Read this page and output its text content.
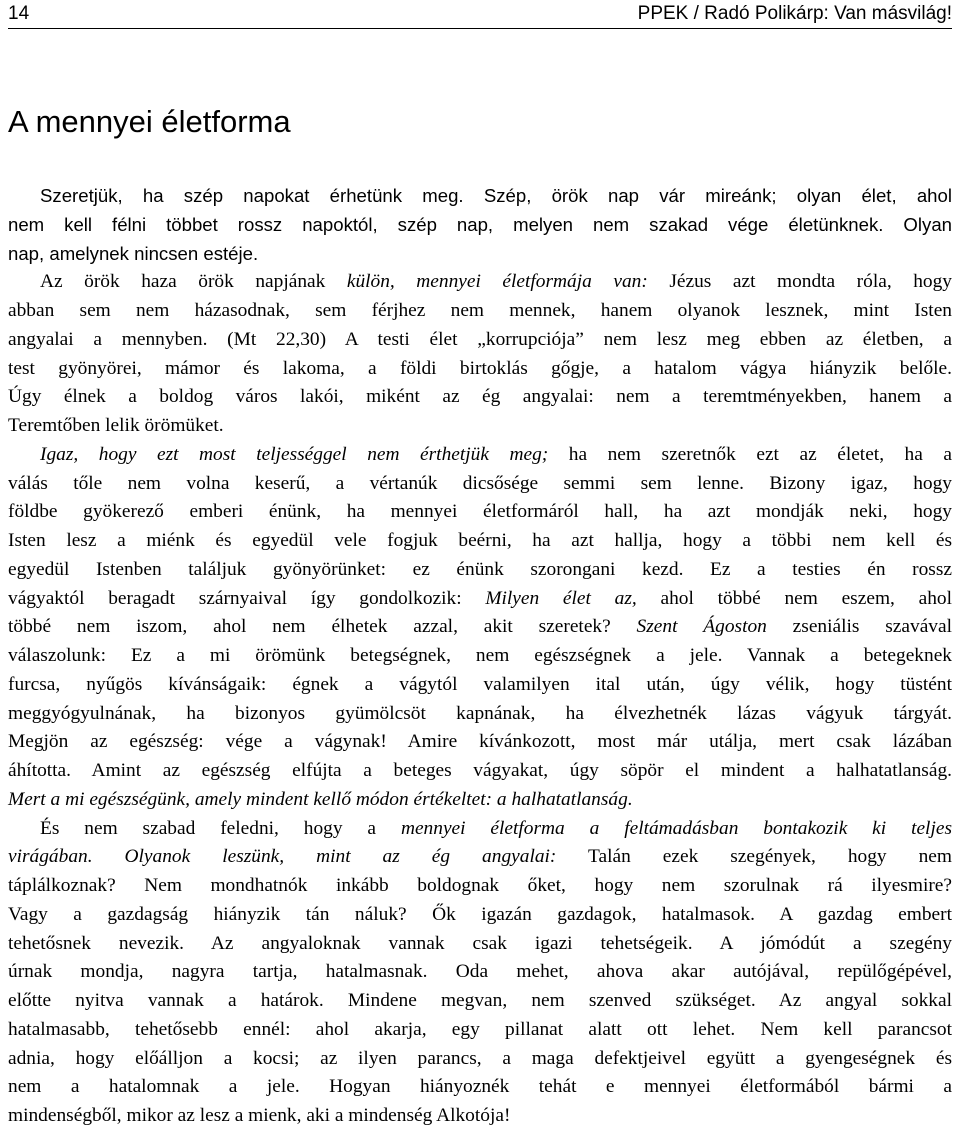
14	PPEK / Radó Polikárp: Van másvilág!
A mennyei életforma
Szeretjük, ha szép napokat érhetünk meg. Szép, örök nap vár mireánk; olyan élet, ahol
nem kell félni többet rossz napoktól, szép nap, melyen nem szakad vége életünknek. Olyan
nap, amelynek nincsen estéje.
Az örök haza örök napjának külön, mennyei életformája van: Jézus azt mondta róla, hogy
abban sem nem házasodnak, sem férjhez nem mennek, hanem olyanok lesznek, mint Isten
angyalai a mennyben. (Mt 22,30) A testi élet „korrupciója” nem lesz meg ebben az életben, a
test gyönyörei, mámor és lakoma, a földi birtoklás gőgje, a hatalom vágya hiányzik belőle.
Úgy élnek a boldog város lakói, miként az ég angyalai: nem a teremtményekben, hanem a
Teremtőben lelik örömüket.
Igaz, hogy ezt most teljességgel nem érthetjük meg; ha nem szeretnők ezt az életet, ha a
válás tőle nem volna keserű, a vértanúk dicsősége semmi sem lenne. Bizony igaz, hogy
földbe gyökerező emberi énünk, ha mennyei életformáról hall, ha azt mondják neki, hogy
Isten lesz a miénk és egyedül vele fogjuk beérni, ha azt hallja, hogy a többi nem kell és
egyedül Istenben találjuk gyönyörünket: ez énünk szorongani kezd. Ez a testies én rossz
vágyaktól beragadt szárnyaival így gondolkozik: Milyen élet az, ahol többé nem eszem, ahol
többé nem iszom, ahol nem élhetek azzal, akit szeretek? Szent Ágoston zseniális szavával
válaszolunk: Ez a mi örömünk betegségnek, nem egészségnek a jele. Vannak a betegeknek
furcsa, nyűgös kívánságaik: égnek a vágytól valamilyen ital után, úgy vélik, hogy tüstént
meggyógyulnának, ha bizonyos gyümölcsöt kapnának, ha élvezhetnék lázas vágyuk tárgyát.
Megjön az egészség: vége a vágynak! Amire kívánkozott, most már utálja, mert csak lázában
áhította. Amint az egészség elfújta a beteges vágyakat, úgy söpör el mindent a halhatatlanság.
Mert a mi egészségünk, amely mindent kellő módon értékeltet: a halhatatlanság.
És nem szabad feledni, hogy a mennyei életforma a feltámadásban bontakozik ki teljes
virágában. Olyanok leszünk, mint az ég angyalai: Talán ezek szegények, hogy nem
táplálkoznak? Nem mondhatnók inkább boldognak őket, hogy nem szorulnak rá ilyesmire?
Vagy a gazdagság hiányzik tán náluk? Ők igazán gazdagok, hatalmasok. A gazdag embert
tehetősnek nevezik. Az angyaloknak vannak csak igazi tehetségeik. A jómódút a szegény
úrnak mondja, nagyra tartja, hatalmasnak. Oda mehet, ahova akar autójával, repülőgépével,
előtte nyitva vannak a határok. Mindene megvan, nem szenved szükséget. Az angyal sokkal
hatalmasabb, tehetősebb ennél: ahol akarja, egy pillanat alatt ott lehet. Nem kell parancsot
adnia, hogy előálljon a kocsi; az ilyen parancs, a maga defektjeivel együtt a gyengeségnek és
nem a hatalomnak a jele. Hogyan hiányoznék tehát e mennyei életformából bármi a
mindenségből, mikor az lesz a mienk, aki a mindenség Alkotója!
